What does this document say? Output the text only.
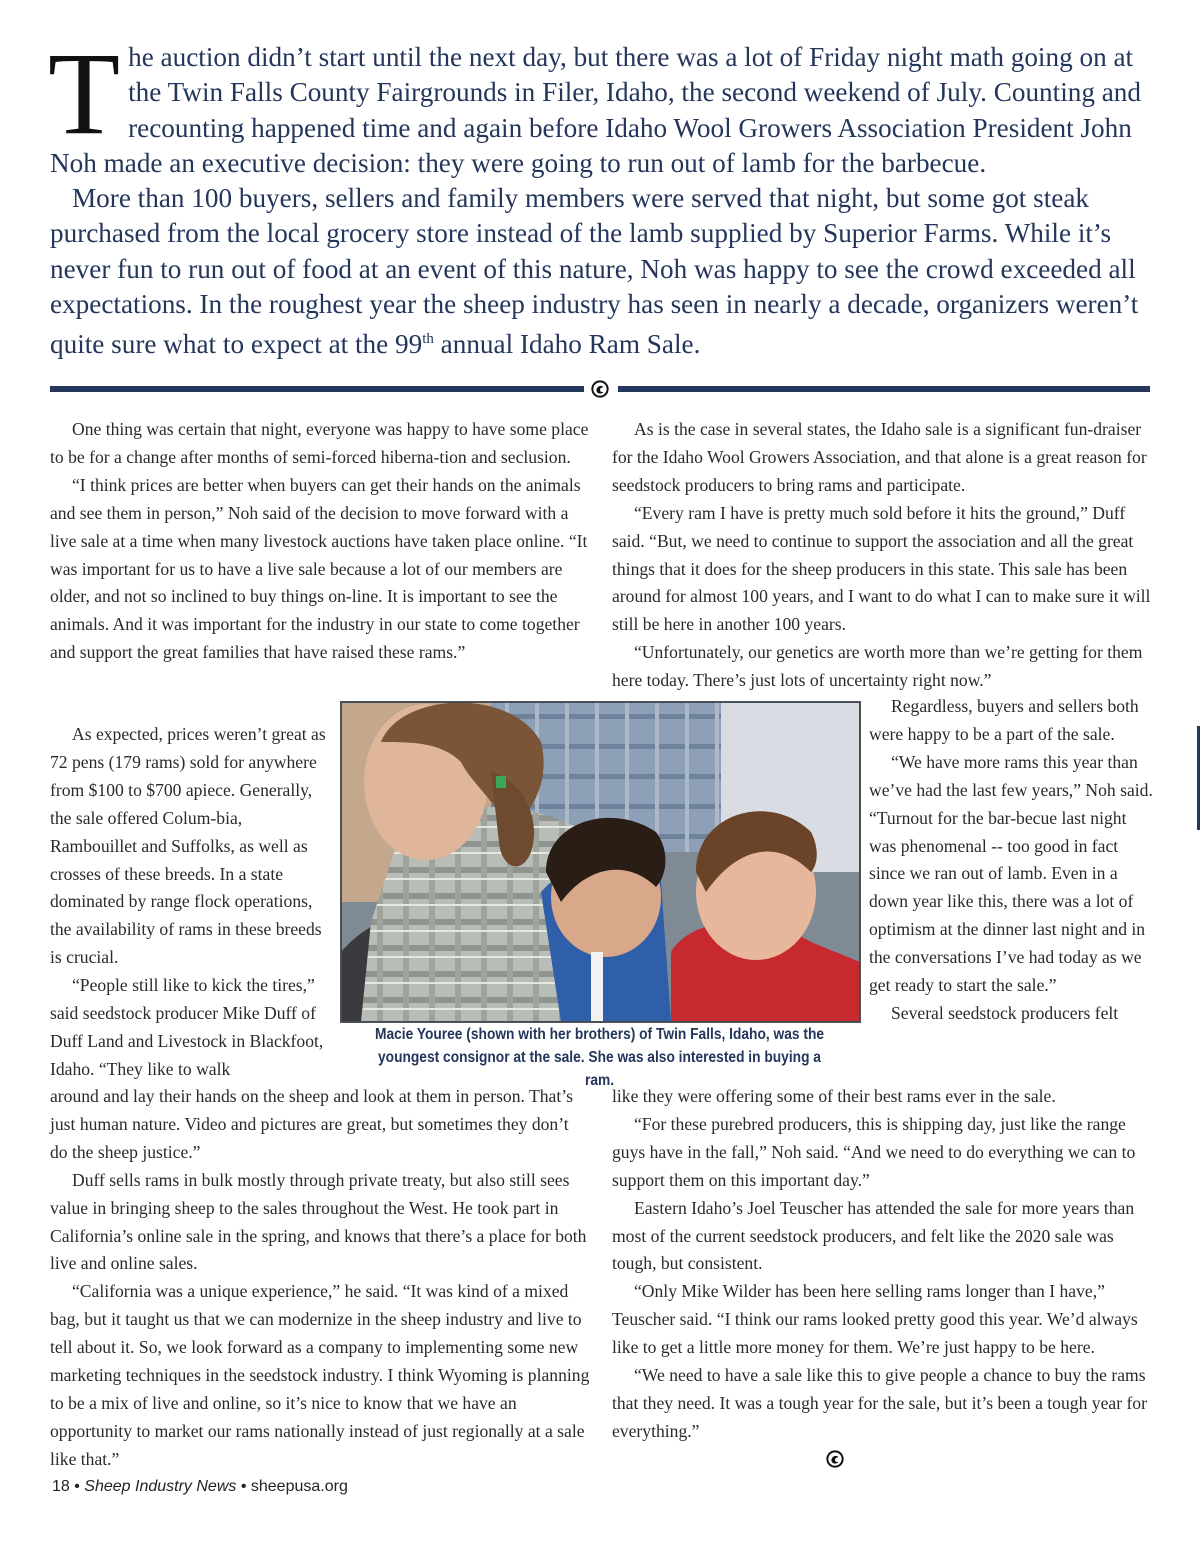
T he auction didn’t start until the next day, but there was a lot of Friday night math going on at the Twin Falls County Fairgrounds in Filer, Idaho, the second weekend of July. Counting and recounting happened time and again before Idaho Wool Growers Association President John Noh made an executive decision: they were going to run out of lamb for the barbecue.

More than 100 buyers, sellers and family members were served that night, but some got steak purchased from the local grocery store instead of the lamb supplied by Superior Farms. While it’s never fun to run out of food at an event of this nature, Noh was happy to see the crowd exceeded all expectations. In the roughest year the sheep industry has seen in nearly a decade, organizers weren’t quite sure what to expect at the 99th annual Idaho Ram Sale.

One thing was certain that night, everyone was happy to have some place to be for a change after months of semi-forced hiberna-tion and seclusion.

“I think prices are better when buyers can get their hands on the animals and see them in person,” Noh said of the decision to move forward with a live sale at a time when many livestock auctions have taken place online. “It was important for us to have a live sale because a lot of our members are older, and not so inclined to buy things on-line. It is important to see the animals. And it was important for the industry in our state to come together and support the great families that have raised these rams.”

As expected, prices weren’t great as 72 pens (179 rams) sold for anywhere from $100 to $700 apiece. Generally, the sale offered Colum-bia, Rambouillet and Suffolks, as well as crosses of these breeds. In a state dominated by range flock operations, the availability of rams in these breeds is crucial.

“People still like to kick the tires,” said seedstock producer Mike Duff of Duff Land and Livestock in Blackfoot, Idaho. “They like to walk

around and lay their hands on the sheep and look at them in person. That’s just human nature. Video and pictures are great, but sometimes they don’t do the sheep justice.”

Duff sells rams in bulk mostly through private treaty, but also still sees value in bringing sheep to the sales throughout the West. He took part in California’s online sale in the spring, and knows that there’s a place for both live and online sales.

“California was a unique experience,” he said. “It was kind of a mixed bag, but it taught us that we can modernize in the sheep industry and live to tell about it. So, we look forward as a company to implementing some new marketing techniques in the seedstock industry. I think Wyoming is planning to be a mix of live and online, so it’s nice to know that we have an opportunity to market our rams nationally instead of just regionally at a sale like that.”

As is the case in several states, the Idaho sale is a significant fun-draiser for the Idaho Wool Growers Association, and that alone is a great reason for seedstock producers to bring rams and participate.

“Every ram I have is pretty much sold before it hits the ground,” Duff said. “But, we need to continue to support the association and all the great things that it does for the sheep producers in this state. This sale has been around for almost 100 years, and I want to do what I can to make sure it will still be here in another 100 years.

“Unfortunately, our genetics are worth more than we’re getting for them here today. There’s just lots of uncertainty right now.”

Regardless, buyers and sellers both were happy to be a part of the sale.

“We have more rams this year than we’ve had the last few years,” Noh said. “Turnout for the bar-becue last night was phenomenal -- too good in fact since we ran out of lamb. Even in a down year like this, there was a lot of optimism at the dinner last night and in the conversations I’ve had today as we get ready to start the sale.”

Several seedstock producers felt

like they were offering some of their best rams ever in the sale.

“For these purebred producers, this is shipping day, just like the range guys have in the fall,” Noh said. “And we need to do everything we can to support them on this important day.”

Eastern Idaho’s Joel Teuscher has attended the sale for more years than most of the current seedstock producers, and felt like the 2020 sale was tough, but consistent.

“Only Mike Wilder has been here selling rams longer than I have,” Teuscher said. “I think our rams looked pretty good this year. We’d always like to get a little more money for them. We’re just happy to be here.

“We need to have a sale like this to give people a chance to buy the rams that they need. It was a tough year for the sale, but it’s been a tough year for everything.”

Macie Youree (shown with her brothers) of Twin Falls, Idaho, was the youngest consignor at the sale. She was also interested in buying a ram.
18 • Sheep Industry News • sheepusa.org
